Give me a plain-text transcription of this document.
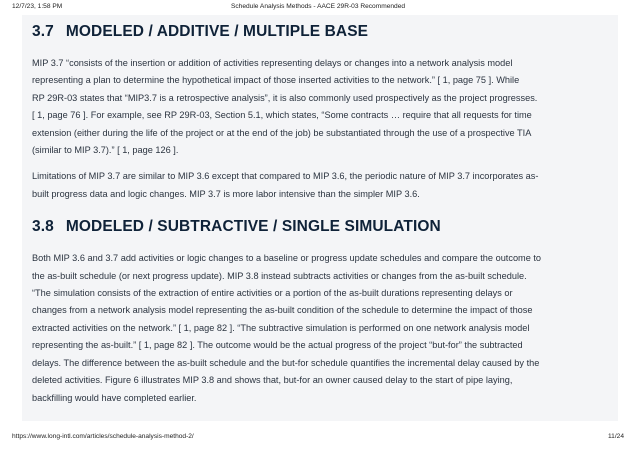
12/7/23, 1:58 PM	Schedule Analysis Methods - AACE 29R-03 Recommended
3.7 MODELED / ADDITIVE / MULTIPLE BASE

MIP 3.7 “consists of the insertion or addition of activities representing delays or changes into a network analysis model
representing a plan to determine the hypothetical impact of those inserted activities to the network.” [ 1, page 75 ]. While
RP 29R-03 states that “MIP3.7 is a retrospective analysis”, it is also commonly used prospectively as the project progresses.
[ 1, page 76 ]. For example, see RP 29R-03, Section 5.1, which states, “Some contracts … require that all requests for time
extension (either during the life of the project or at the end of the job) be substantiated through the use of a prospective TIA
(similar to MIP 3.7).” [ 1, page 126 ].

Limitations of MIP 3.7 are similar to MIP 3.6 except that compared to MIP 3.6, the periodic nature of MIP 3.7 incorporates as-
built progress data and logic changes. MIP 3.7 is more labor intensive than the simpler MIP 3.6.

3.8 MODELED / SUBTRACTIVE / SINGLE SIMULATION

Both MIP 3.6 and 3.7 add activities or logic changes to a baseline or progress update schedules and compare the outcome to
the as-built schedule (or next progress update). MIP 3.8 instead subtracts activities or changes from the as-built schedule.
“The simulation consists of the extraction of entire activities or a portion of the as-built durations representing delays or
changes from a network analysis model representing the as-built condition of the schedule to determine the impact of those
extracted activities on the network.” [ 1, page 82 ]. “The subtractive simulation is performed on one network analysis model
representing the as-built.” [ 1, page 82 ]. The outcome would be the actual progress of the project “but-for” the subtracted
delays. The difference between the as-built schedule and the but-for schedule quantifies the incremental delay caused by the
deleted activities. Figure 6 illustrates MIP 3.8 and shows that, but-for an owner caused delay to the start of pipe laying,
backfilling would have completed earlier.

https://www.long-intl.com/articles/schedule-analysis-method-2/	11/24
